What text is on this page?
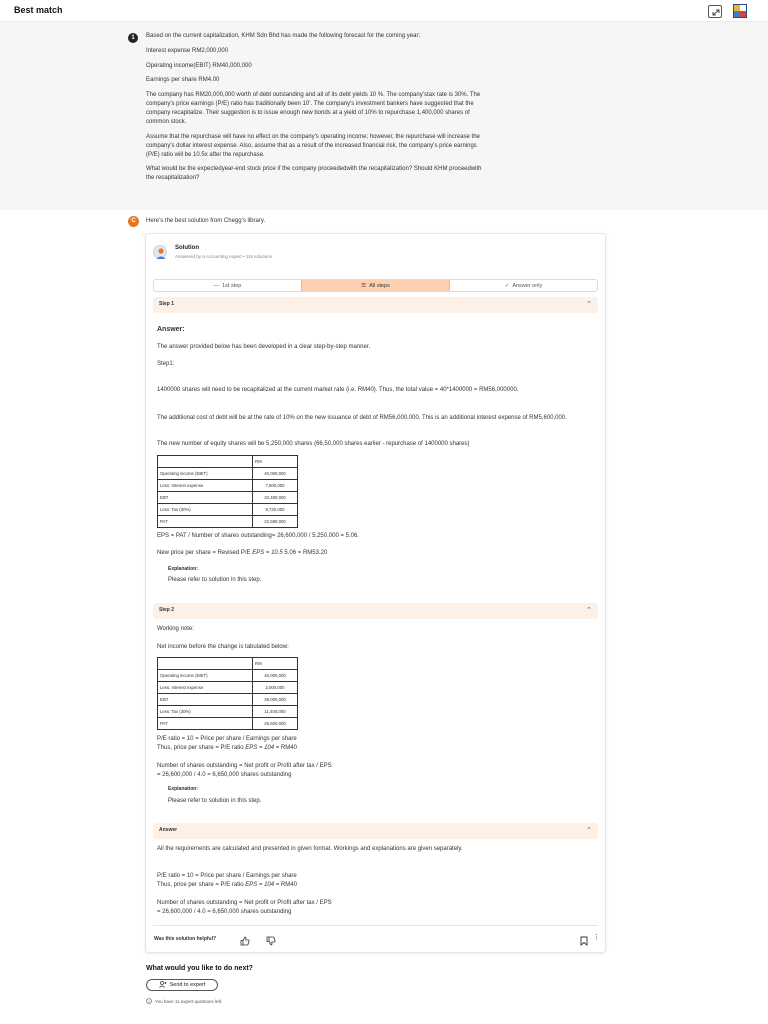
Best match
1	Based on the current capitalization, KHM Sdn Bhd has made the following forecast for the coming year:
Interest expense RM2,000,000
Operating income(EBIT) RM40,000,000
Earnings per share RM4.00
The company has RM20,000,000 worth of debt outstanding and all of its debt yields 10 %. The company’stax rate is 30%. The company's price earnings (P/E) ratio has traditionally been 10’. The company's investment bankers have suggested that the company recapitalize. Their suggestion is to issue enough new bonds at a yield of 10% to repurchase 1,400,000 shares of common stock.
Assume that the repurchase will have no effect on the company's operating income; however, the repurchase will increase the company's dollar interest expense. Also, assume that as a result of the increased financial risk, the company's price earnings (P/E) ratio will be 10.5x after the repurchase.
What would be the expectedyear-end stock price if the company proceededwith the recapitalization? Should KHM proceedwith the recapitalization?
C	Here’s the best solution from Chegg’s library.
Solution
Answered by a Accounting expert • 116 solutions
— 1st step	☰ All steps	✓ Answer only
Step 1	⌃
Answer:
The answer provided below has been developed in a clear step-by-step manner.
Step1:
1400000 shares will need to be recapitalized at the current market rate (i.e. RM40). Thus, the total value = 40*1400000 = RM56,000000.
The additional cost of debt will be at the rate of 10% on the new issuance of debt of RM56,000,000. This is an additional interest expense of RM5,600,000.
The new number of equity shares will be 5,250,000 shares (66,50,000 shares earlier - repurchase of 1400000 shares)
	RM
Operating income (EBIT)	40,000,000
Less: Interest expense	7,600,000
EBT	32,400,000
Less: Tax (30%)	9,720,000
PAT	22,680,000
EPS = PAT / Number of shares outstanding= 26,600,000 / 5,250,000 = 5.06.
New price per share = Revised P/E EPS = 10.5 5.06 = RM53.20
Explanation:
Please refer to solution in this step.
Step 2	⌃
Working note:
Net income before the change is tabulated below:
	RM
Operating income (EBIT)	40,000,000
Less: Interest expense	2,000,000
EBT	38,000,000
Less: Tax (30%)	11,400,000
PAT	26,600,000
P/E ratio = 10 = Price per share / Earnings per share
Thus, price per share = P/E ratio EPS = 104 = RM40
Number of shares outstanding = Net profit or Profit after tax / EPS
= 26,600,000 / 4.0 = 6,650,000 shares outstanding
Explanation:
Please refer to solution in this step.
Answer	⌃
All the requirements are calculated and presented in given format. Workings and explanations are given separately.
P/E ratio = 10 = Price per share / Earnings per share
Thus, price per share = P/E ratio EPS = 104 = RM40
Number of shares outstanding = Net profit or Profit after tax / EPS
= 26,600,000 / 4.0 = 6,650,000 shares outstanding
Was this solution helpful?	⋮
What would you like to do next?
Send to expert
You have 11 expert questions left.
